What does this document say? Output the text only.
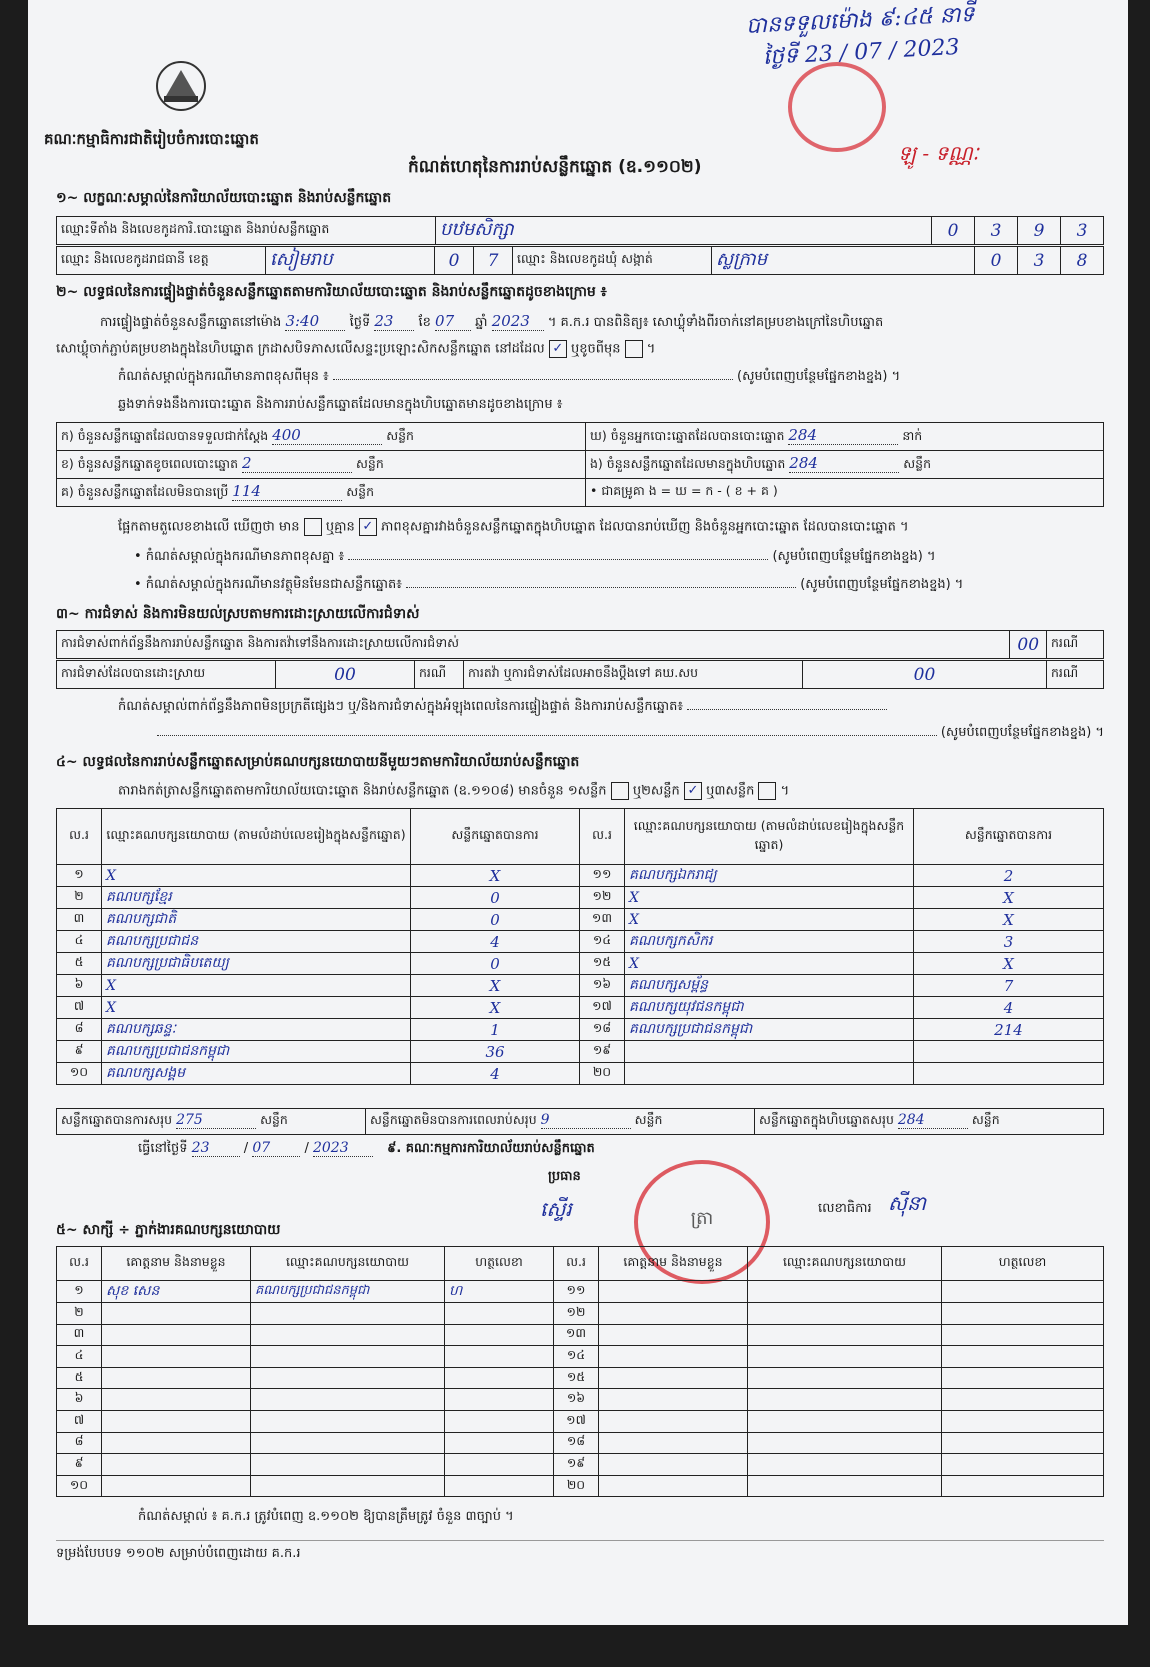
គណៈកម្មាធិការជាតិរៀបចំការបោះឆ្នោត
កំណត់ហេតុនៃការរាប់សន្លឹកឆ្នោត (ឧ.១១០២)
បានទទួលម៉ោង ៩:៤៥ នាទី
ថ្ងៃទី 23 / 07 / 2023
ឡូ - ទណ្ណៈ
១~ លក្ខណៈសម្គាល់នៃការិយាល័យបោះឆ្នោត និងរាប់សន្លឹកឆ្នោត
ឈ្មោះទីតាំង និងលេខកូដការិ.បោះឆ្នោត និងរាប់សន្លឹកឆ្នោត	បឋមសិក្សា	0	3	9	3
ឈ្មោះ និងលេខកូដរាជធានី ខេត្ត	សៀមរាប	0	7	ឈ្មោះ និងលេខកូដឃុំ សង្កាត់	ស្លក្រាម	0	3	8
២~ លទ្ធផលនៃការផ្ទៀងផ្ទាត់ចំនួនសន្លឹកឆ្នោតតាមការិយាល័យបោះឆ្នោត និងរាប់សន្លឹកឆ្នោតដូចខាងក្រោម ៖
ការផ្ទៀងផ្ទាត់ចំនួនសន្លឹកឆ្នោតនៅម៉ោង 3:40 ថ្ងៃទី 23 ខែ 07 ឆ្នាំ 2023 ។ គ.ក.រ បានពិនិត្យ៖ សោឃ្លុំទាំងពីរចាក់នៅគម្របខាងក្រៅនៃហិបឆ្នោត
សោឃ្លុំចាក់ភ្ជាប់គម្របខាងក្នុងនៃហិបឆ្នោត ក្រដាសបិទភាសលើសន្ទះប្រឡោះសិកសន្លឹកឆ្នោត នៅដដែល ✓ ឬខូចពីមុន ។
កំណត់សម្គាល់ក្នុងករណីមានភាពខុសពីមុន ៖	(សូមបំពេញបន្ថែមផ្នែកខាងខ្នង) ។
ឆ្លងទាក់ទងនឹងការបោះឆ្នោត និងការរាប់សន្លឹកឆ្នោតដែលមានក្នុងហិបឆ្នោតមានដូចខាងក្រោម ៖
ក) ចំនួនសន្លឹកឆ្នោតដែលបានទទួលជាក់ស្តែង 400 សន្លឹក	ឃ) ចំនួនអ្នកបោះឆ្នោតដែលបានបោះឆ្នោត 284 នាក់
ខ) ចំនួនសន្លឹកឆ្នោតខូចពេលបោះឆ្នោត 2 សន្លឹក	ង) ចំនួនសន្លឹកឆ្នោតដែលមានក្នុងហិបឆ្នោត 284 សន្លឹក
គ) ចំនួនសន្លឹកឆ្នោតដែលមិនបានប្រើ 114 សន្លឹក	• ជាគម្រូគា ង = ឃ = ក - ( ខ + គ )
ផ្អែកតាមតួលេខខាងលើ ឃើញថា មាន ឬគ្មាន ✓ ភាពខុសគ្នារវាងចំនួនសន្លឹកឆ្នោតក្នុងហិបឆ្នោត ដែលបានរាប់ឃើញ និងចំនួនអ្នកបោះឆ្នោត ដែលបានបោះឆ្នោត ។
• កំណត់សម្គាល់ក្នុងករណីមានភាពខុសគ្នា ៖	(សូមបំពេញបន្ថែមផ្នែកខាងខ្នង) ។
• កំណត់សម្គាល់ក្នុងករណីមានវត្ថុមិនមែនជាសន្លឹកឆ្នោត៖	(សូមបំពេញបន្ថែមផ្នែកខាងខ្នង) ។
៣~ ការជំទាស់ និងការមិនយល់ស្របតាមការដោះស្រាយលើការជំទាស់
ការជំទាស់ពាក់ព័ន្ធនឹងការរាប់សន្លឹកឆ្នោត និងការតវ៉ាទៅនឹងការដោះស្រាយលើការជំទាស់	00	ករណី
ការជំទាស់ដែលបានដោះស្រាយ	00	ករណី	ការតវ៉ា ឬការជំទាស់ដែលអាចនឹងប្តឹងទៅ គឃ.សប	00	ករណី
កំណត់សម្គាល់ពាក់ព័ន្ធនឹងភាពមិនប្រក្រតីផ្សេងៗ ឬ/និងការជំទាស់ក្នុងអំឡុងពេលនៃការផ្ទៀងផ្ទាត់ និងការរាប់សន្លឹកឆ្នោត៖
(សូមបំពេញបន្ថែមផ្នែកខាងខ្នង) ។
៤~ លទ្ធផលនៃការរាប់សន្លឹកឆ្នោតសម្រាប់គណបក្សនយោបាយនីមួយៗតាមការិយាល័យរាប់សន្លឹកឆ្នោត
តារាងកត់ត្រាសន្លឹកឆ្នោតតាមការិយាល័យបោះឆ្នោត និងរាប់សន្លឹកឆ្នោត (ឧ.១១០៨) មានចំនួន ១សន្លឹក ឬ២សន្លឹក ✓ ឬ៣សន្លឹក ។
ល.រ	ឈ្មោះគណបក្សនយោបាយ (តាមលំដាប់លេខរៀងក្នុងសន្លឹកឆ្នោត)	សន្លឹកឆ្នោតបានការ	ល.រ	ឈ្មោះគណបក្សនយោបាយ (តាមលំដាប់លេខរៀងក្នុងសន្លឹកឆ្នោត)	សន្លឹកឆ្នោតបានការ
១	X	X	១១	គណបក្សឯករាជ្យ	2
២	គណបក្សខ្មែរ	0	១២	X	X
៣	គណបក្សជាតិ	0	១៣	X	X
៤	គណបក្សប្រជាជន	4	១៤	គណបក្សកសិករ	3
៥	គណបក្សប្រជាធិបតេយ្យ	0	១៥	X	X
៦	X	X	១៦	គណបក្សសម្ព័ន្ធ	7
៧	X	X	១៧	គណបក្សយុវជនកម្ពុជា	4
៨	គណបក្សឆន្ទៈ	1	១៨	គណបក្សប្រជាជនកម្ពុជា	214
៩	គណបក្សប្រជាជនកម្ពុជា	36	១៩		
១០	គណបក្សសង្គម	4	២០		
សន្លឹកឆ្នោតបានការសរុប 275	សន្លឹក	សន្លឹកឆ្នោតមិនបានការពេលរាប់សរុប 9	សន្លឹក	សន្លឹកឆ្នោតក្នុងហិបឆ្នោតសរុប 284	សន្លឹក
ធ្វើនៅថ្ងៃទី 23 / 07 / 2023	៩. គណៈកម្មការការិយាល័យរាប់សន្លឹកឆ្នោត
ប្រធាន
ស្ទើរ	ត្រា	លេខាធិការ ស៊ីនា
៥~ សាក្សី ÷ ភ្នាក់ងារគណបក្សនយោបាយ
ល.រ	គោត្តនាម និងនាមខ្លួន	ឈ្មោះគណបក្សនយោបាយ	ហត្ថលេខា	ល.រ	គោត្តនាម និងនាមខ្លួន	ឈ្មោះគណបក្សនយោបាយ	ហត្ថលេខា
១	សុខ សេន	គណបក្សប្រជាជនកម្ពុជា	ហ	១១			
២				១២			
៣				១៣			
៤				១៤			
៥				១៥			
៦				១៦			
៧				១៧			
៨				១៨			
៩				១៩			
១០				២០			
កំណត់សម្គាល់ ៖ គ.ក.រ ត្រូវបំពេញ ឧ.១១០២ ឱ្យបានត្រឹមត្រូវ ចំនួន ៣ច្បាប់ ។
ទម្រង់បែបបទ ១១០២ សម្រាប់បំពេញដោយ គ.ក.រ
